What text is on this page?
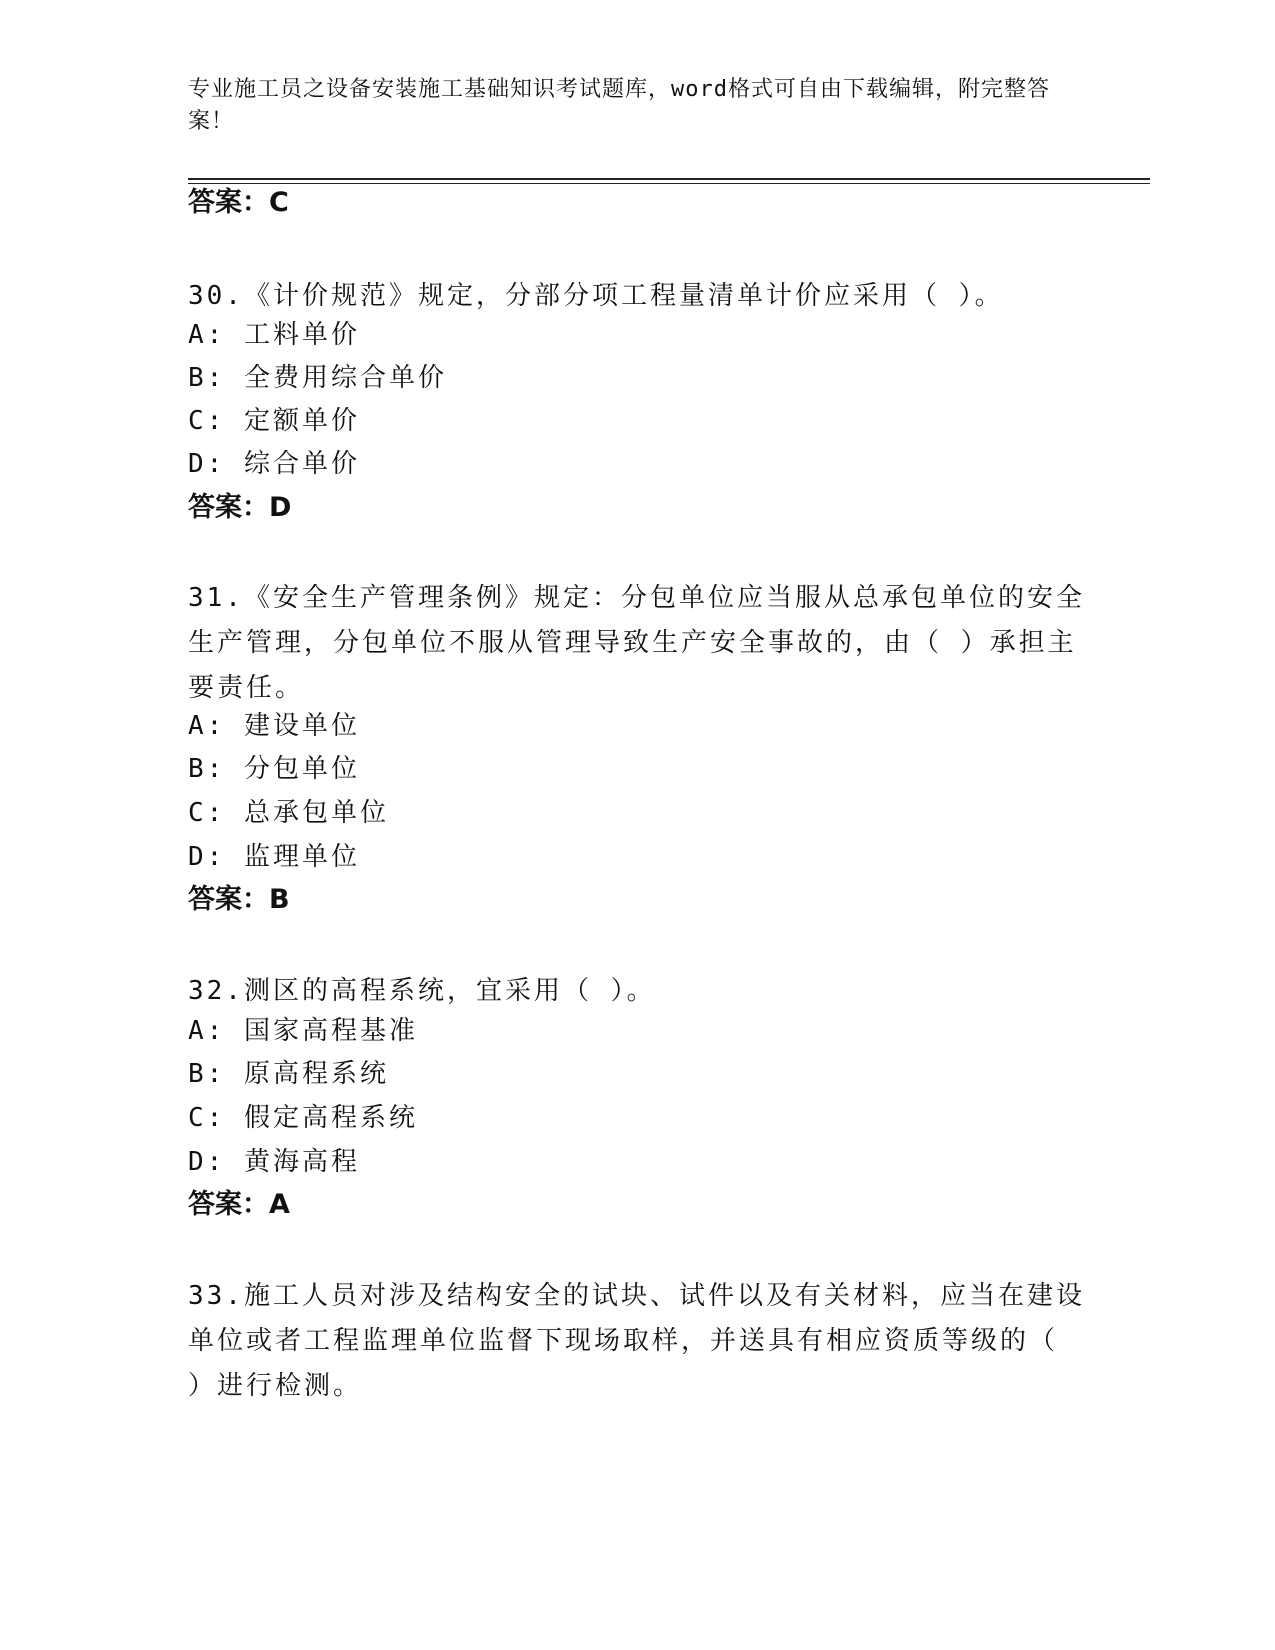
专业施工员之设备安装施工基础知识考试题库，word格式可自由下载编辑，附完整答案！
答案：C
30.《计价规范》规定，分部分项工程量清单计价应采用（ ）。
A: 工料单价
B: 全费用综合单价
C: 定额单价
D: 综合单价
答案：D
31.《安全生产管理条例》规定：分包单位应当服从总承包单位的安全生产管理，分包单位不服从管理导致生产安全事故的，由（ ）承担主要责任。
A: 建设单位
B: 分包单位
C: 总承包单位
D: 监理单位
答案：B
32.测区的高程系统，宜采用（ ）。
A: 国家高程基准
B: 原高程系统
C: 假定高程系统
D: 黄海高程
答案：A
33.施工人员对涉及结构安全的试块、试件以及有关材料，应当在建设单位或者工程监理单位监督下现场取样，并送具有相应资质等级的（ ）进行检测。
